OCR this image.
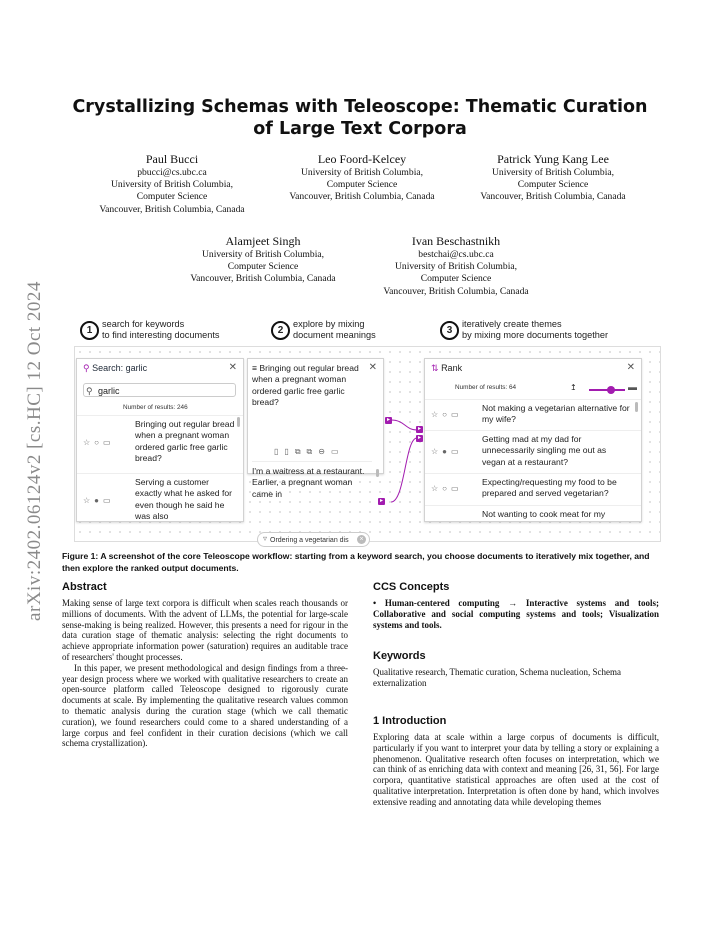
arXiv:2402.06124v2 [cs.HC] 12 Oct 2024
Crystallizing Schemas with Teleoscope: Thematic Curation of Large Text Corpora
Paul Bucci
pbucci@cs.ubc.ca
University of British Columbia,
Computer Science
Vancouver, British Columbia, Canada
Leo Foord-Kelcey
University of British Columbia,
Computer Science
Vancouver, British Columbia, Canada
Patrick Yung Kang Lee
University of British Columbia,
Computer Science
Vancouver, British Columbia, Canada
Alamjeet Singh
University of British Columbia,
Computer Science
Vancouver, British Columbia, Canada
Ivan Beschastnikh
bestchai@cs.ubc.ca
University of British Columbia,
Computer Science
Vancouver, British Columbia, Canada
1
search for keywords
to find interesting documents	2
explore by mixing
document meanings	3
iteratively create themes
by mixing more documents together
⚲ Search: garlic	✕
⚲ garlic
Number of results: 246
☆○▭
Bringing out regular bread when a pregnant woman ordered garlic free garlic bread?
☆●▭
Serving a customer exactly what he asked for even though he said he was also
≡ Bringing out regular bread when a pregnant woman ordered garlic free garlic bread?
✕
▯▯⧉⧉⊖▭
I'm a waitress at a restaurant. Earlier, a pregnant woman came in
Ordering a vegetarian dis	×
▿
▸
▸
▸
▸
⇅ Rank	✕
Number of results: 64	↥	▬
☆○▭
Not making a vegetarian alternative for my wife?
☆●▭
Getting mad at my dad for unnecessarily singling me out as vegan at a restaurant?
☆○▭
Expecting/requesting my food to be prepared and served vegetarian?
Not wanting to cook meat for my
Figure 1: A screenshot of the core Teleoscope workflow: starting from a keyword search, you choose documents to iteratively mix together, and then explore the ranked output documents.
Abstract

Making sense of large text corpora is difficult when scales reach thousands or millions of documents. With the advent of LLMs, the potential for large-scale sense-making is being realized. However, this presents a need for rigour in the data curation stage of thematic analysis: selecting the right documents to achieve appropriate information power (saturation) requires an auditable trace of researchers' thought processes.

In this paper, we present methodological and design findings from a three-year design process where we worked with qualitative researchers to create an open-source platform called Teleoscope designed to rigorously curate documents at scale. By implementing the qualitative research values common to thematic analysis during the curation stage (which we call thematic curation), we found researchers could come to a shared understanding of a large corpus and feel confident in their curation decisions (which we call schema crystallization).

CCS Concepts
• Human-centered computing → Interactive systems and tools; Collaborative and social computing systems and tools; Visualization systems and tools.
Keywords
Qualitative research, Thematic curation, Schema nucleation, Schema externalization
1 Introduction
Exploring data at scale within a large corpus of documents is difficult, particularly if you want to interpret your data by telling a story or explaining a phenomenon. Qualitative research often focuses on interpretation, which we can think of as enriching data with context and meaning [26, 31, 56]. For large corpora, quantitative statistical approaches are often used at the cost of qualitative interpretation. Interpretation is often done by hand, which involves extensive reading and annotating data while developing themes
